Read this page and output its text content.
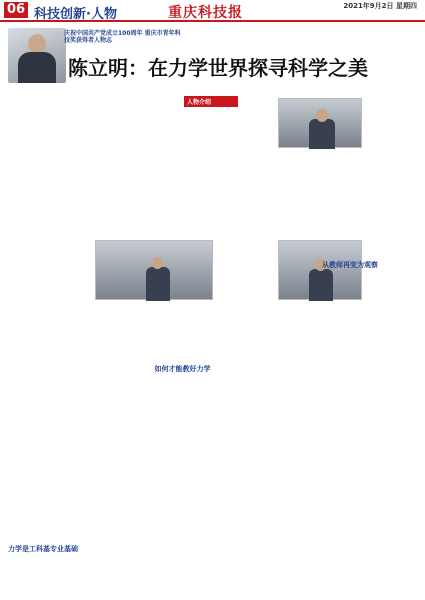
06 科技创新·人物	重庆科技报	2021年9月2日 星期四
庆祝中国共产党成立100周年 重庆市青年科技奖获得者人物志
陈立明：在力学世界探寻科学之美

人物介绍

如何才能教好力学

力学是工科基专业基础

从教师再变为观察
